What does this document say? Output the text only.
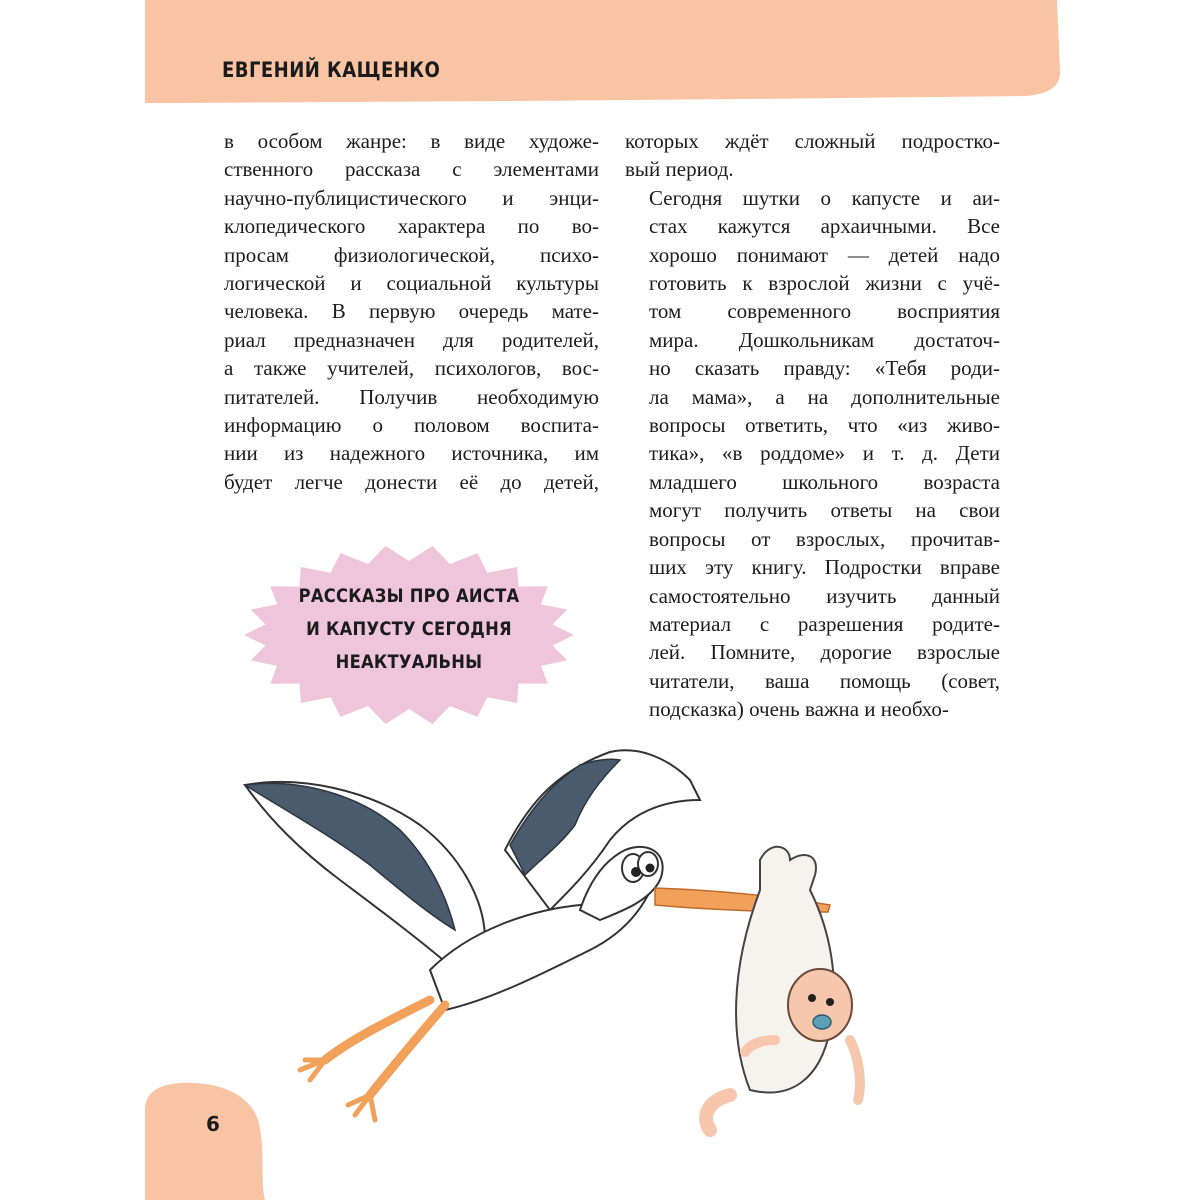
ЕВГЕНИЙ КАЩЕНКО

в особом жанре: в виде художе-
ственного рассказа с элементами
научно-публицистического и энци-
клопедического характера по во-
просам физиологической, психо-
логической и социальной культуры
человека. В первую очередь мате-
риал предназначен для родителей,
а также учителей, психологов, вос-
питателей. Получив необходимую
информацию о половом воспита-
нии из надежного источника, им
будет легче донести её до детей,

которых ждёт сложный подростко-
вый период.

Сегодня шутки о капусте и аи-
стах кажутся архаичными. Все
хорошо понимают — детей надо
готовить к взрослой жизни с учё-
том современного восприятия
мира. Дошкольникам достаточ-
но сказать правду: «Тебя роди-
ла мама», а на дополнительные
вопросы ответить, что «из живо-
тика», «в роддоме» и т. д. Дети
младшего школьного возраста
могут получить ответы на свои
вопросы от взрослых, прочитав-
ших эту книгу. Подростки вправе
самостоятельно изучить данный
материал с разрешения родите-
лей. Помните, дорогие взрослые
читатели, ваша помощь (совет,
подсказка) очень важна и необхо-

РАССКАЗЫ ПРО АИСТА
И КАПУСТУ СЕГОДНЯ
НЕАКТУАЛЬНЫ
6
